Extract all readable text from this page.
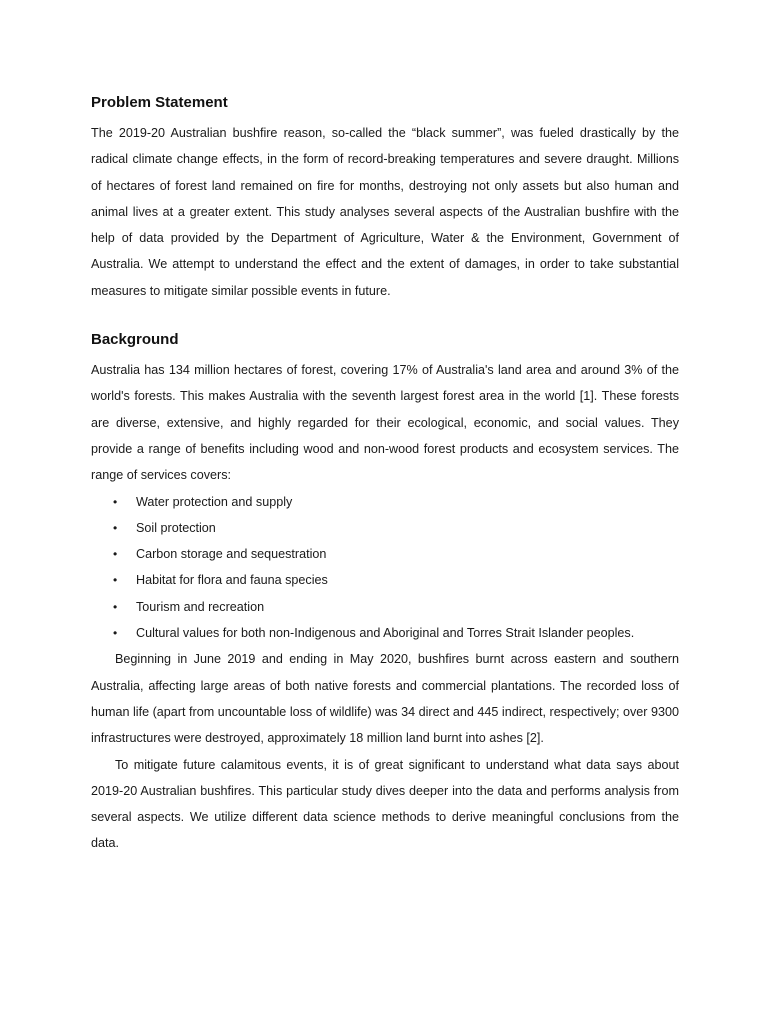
Problem Statement

The 2019-20 Australian bushfire reason, so-called the “black summer”, was fueled drastically by the radical climate change effects, in the form of record-breaking temperatures and severe draught. Millions of hectares of forest land remained on fire for months, destroying not only assets but also human and animal lives at a greater extent. This study analyses several aspects of the Australian bushfire with the help of data provided by the Department of Agriculture, Water & the Environment, Government of Australia. We attempt to understand the effect and the extent of damages, in order to take substantial measures to mitigate similar possible events in future.

Background

Australia has 134 million hectares of forest, covering 17% of Australia's land area and around 3% of the world's forests. This makes Australia with the seventh largest forest area in the world [1]. These forests are diverse, extensive, and highly regarded for their ecological, economic, and social values. They provide a range of benefits including wood and non-wood forest products and ecosystem services. The range of services covers:

• Water protection and supply
• Soil protection
• Carbon storage and sequestration
• Habitat for flora and fauna species
• Tourism and recreation
• Cultural values for both non-Indigenous and Aboriginal and Torres Strait Islander peoples.

Beginning in June 2019 and ending in May 2020, bushfires burnt across eastern and southern Australia, affecting large areas of both native forests and commercial plantations. The recorded loss of human life (apart from uncountable loss of wildlife) was 34 direct and 445 indirect, respectively; over 9300 infrastructures were destroyed, approximately 18 million land burnt into ashes [2].

To mitigate future calamitous events, it is of great significant to understand what data says about 2019-20 Australian bushfires. This particular study dives deeper into the data and performs analysis from several aspects. We utilize different data science methods to derive meaningful conclusions from the data.
